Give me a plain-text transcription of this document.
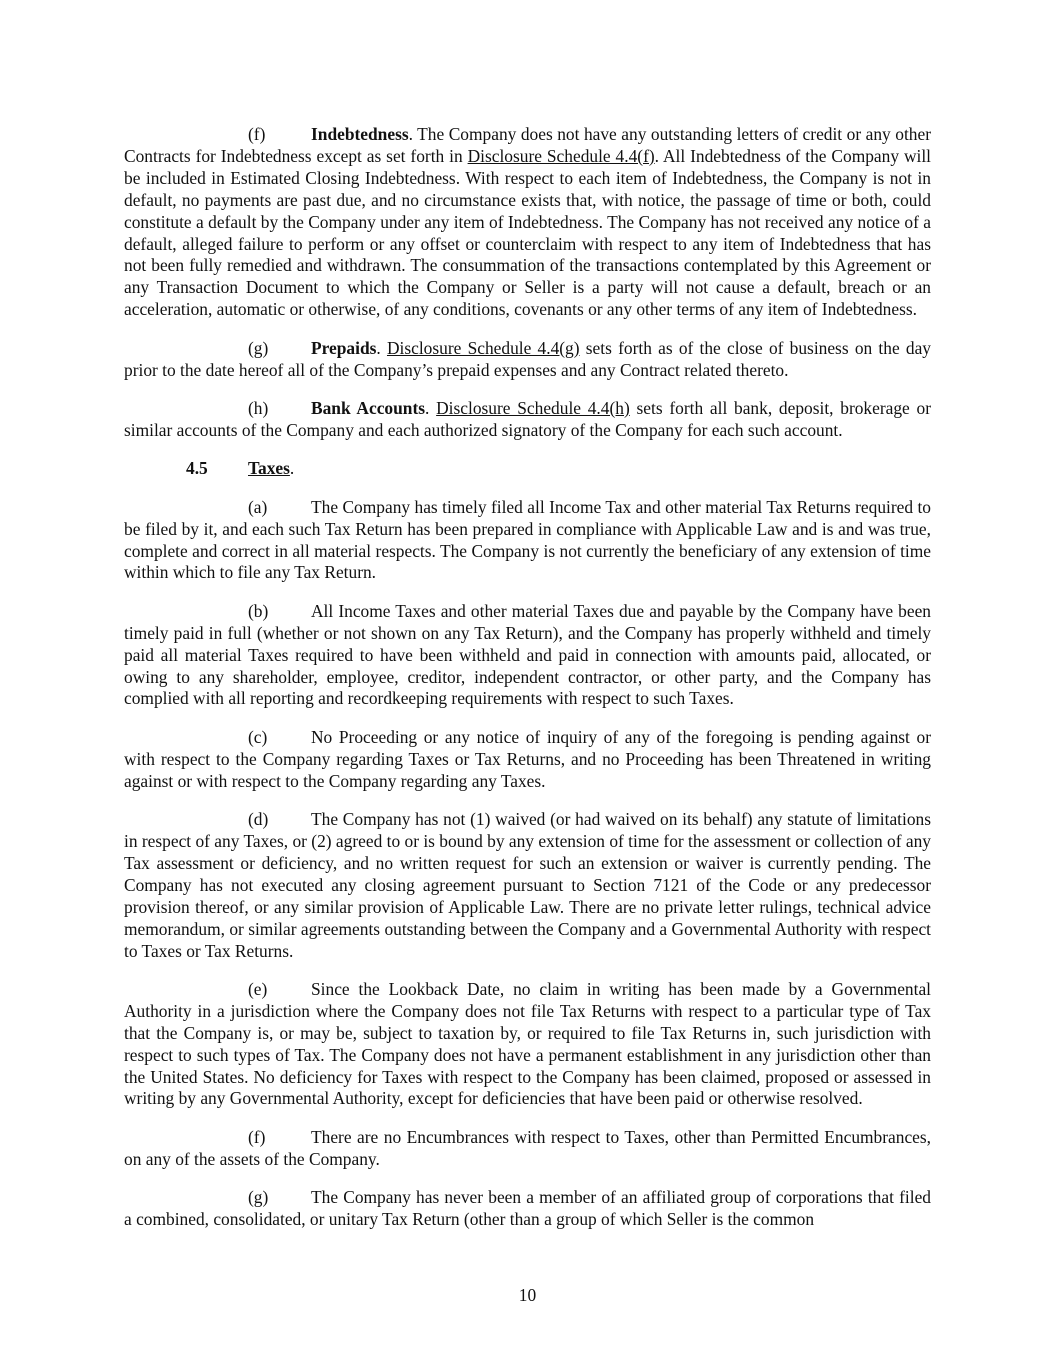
(f)	Indebtedness. The Company does not have any outstanding letters of credit or any other Contracts for Indebtedness except as set forth in Disclosure Schedule 4.4(f). All Indebtedness of the Company will be included in Estimated Closing Indebtedness. With respect to each item of Indebtedness, the Company is not in default, no payments are past due, and no circumstance exists that, with notice, the passage of time or both, could constitute a default by the Company under any item of Indebtedness. The Company has not received any notice of a default, alleged failure to perform or any offset or counterclaim with respect to any item of Indebtedness that has not been fully remedied and withdrawn. The consummation of the transactions contemplated by this Agreement or any Transaction Document to which the Company or Seller is a party will not cause a default, breach or an acceleration, automatic or otherwise, of any conditions, covenants or any other terms of any item of Indebtedness.

(g) Prepaids. Disclosure Schedule 4.4(g) sets forth as of the close of business on the day prior to the date hereof all of the Company’s prepaid expenses and any Contract related thereto.

(h) Bank Accounts. Disclosure Schedule 4.4(h) sets forth all bank, deposit, brokerage or similar accounts of the Company and each authorized signatory of the Company for each such account.

4.5 Taxes.

(a)	The Company has timely filed all Income Tax and other material Tax Returns required to be filed by it, and each such Tax Return has been prepared in compliance with Applicable Law and is and was true, complete and correct in all material respects. The Company is not currently the beneficiary of any extension of time within which to file any Tax Return.

(b) All Income Taxes and other material Taxes due and payable by the Company have been timely paid in full (whether or not shown on any Tax Return), and the Company has properly withheld and timely paid all material Taxes required to have been withheld and paid in connection with amounts paid, allocated, or owing to any shareholder, employee, creditor, independent contractor, or other party, and the Company has complied with all reporting and recordkeeping requirements with respect to such Taxes.

(c)	No Proceeding or any notice of inquiry of any of the foregoing is pending against or with respect to the Company regarding Taxes or Tax Returns, and no Proceeding has been Threatened in writing against or with respect to the Company regarding any Taxes.

(d) The Company has not (1) waived (or had waived on its behalf) any statute of limitations in respect of any Taxes, or (2) agreed to or is bound by any extension of time for the assessment or collection of any Tax assessment or deficiency, and no written request for such an extension or waiver is currently pending. The Company has not executed any closing agreement pursuant to Section 7121 of the Code or any predecessor provision thereof, or any similar provision of Applicable Law. There are no private letter rulings, technical advice memorandum, or similar agreements outstanding between the Company and a Governmental Authority with respect to Taxes or Tax Returns.

(e)	Since the Lookback Date, no claim in writing has been made by a Governmental Authority in a jurisdiction where the Company does not file Tax Returns with respect to a particular type of Tax that the Company is, or may be, subject to taxation by, or required to file Tax Returns in, such jurisdiction with respect to such types of Tax. The Company does not have a permanent establishment in any jurisdiction other than the United States. No deficiency for Taxes with respect to the Company has been claimed, proposed or assessed in writing by any Governmental Authority, except for deficiencies that have been paid or otherwise resolved.

(f)	There are no Encumbrances with respect to Taxes, other than Permitted Encumbrances, on any of the assets of the Company.

(g) The Company has never been a member of an affiliated group of corporations that filed a combined, consolidated, or unitary Tax Return (other than a group of which Seller is the common

10
